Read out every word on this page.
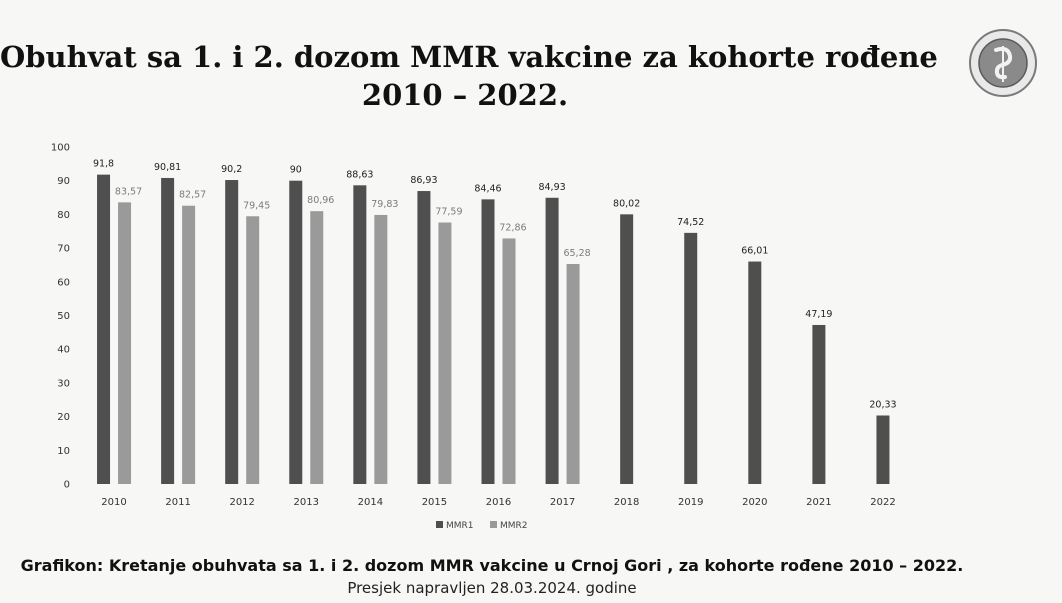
Obuhvat sa 1. i 2. dozom MMR vakcine za kohorte rođene
2010 – 2022.
0
10
20
30
40
50
60
70
80
90
100
91,8
83,57
90,81
82,57
90,2
79,45
90
80,96
88,63
79,83
86,93
77,59
84,46
72,86
84,93
65,28
80,02
74,52
66,01
47,19
20,33
2010	2011	2012	2013	2014	2015	2016	2017	2018	2019	2020	2021	2022
MMR1	MMR2
Grafikon: Kretanje obuhvata sa 1. i 2. dozom MMR vakcine u Crnoj Gori , za kohorte rođene 2010 – 2022.
Presjek napravljen 28.03.2024. godine
